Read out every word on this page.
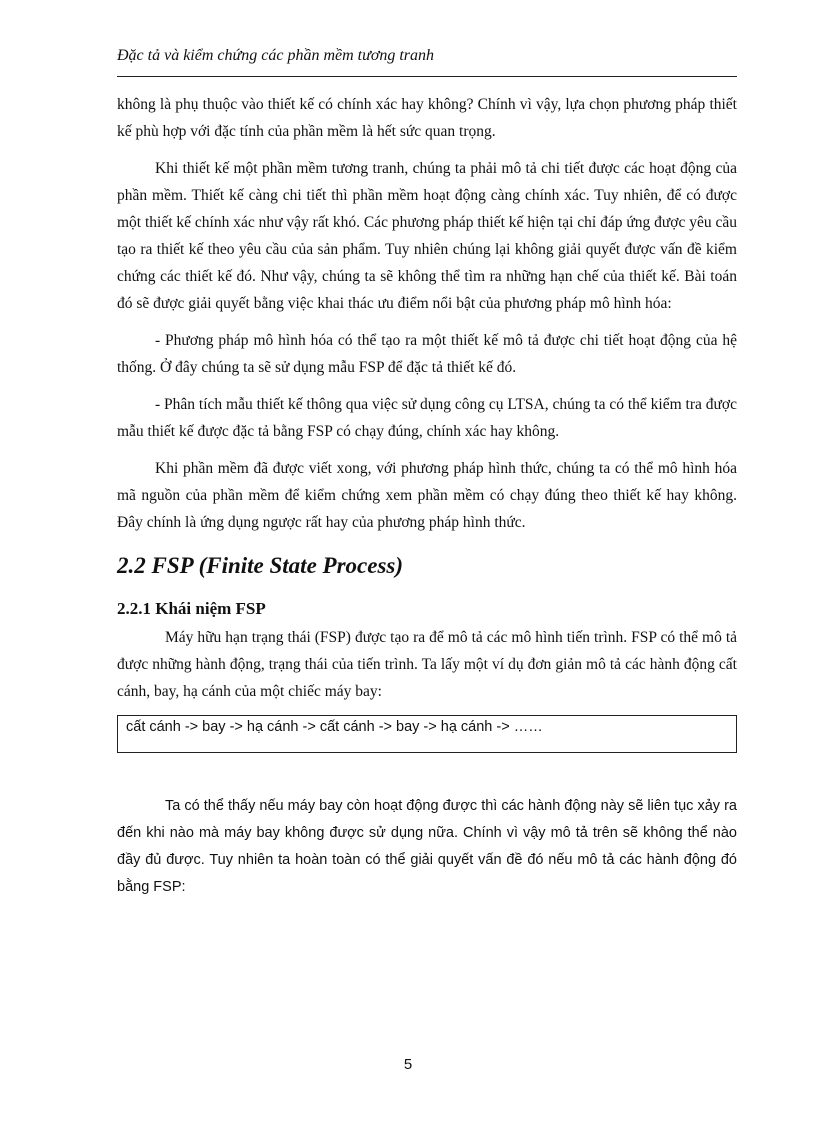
Đặc tả và kiểm chứng các phần mềm tương tranh

không là phụ thuộc vào thiết kế có chính xác hay không? Chính vì vậy, lựa chọn phương pháp thiết kế phù hợp với đặc tính của phần mềm là hết sức quan trọng.

Khi thiết kế một phần mềm tương tranh, chúng ta phải mô tả chi tiết được các hoạt động của phần mềm. Thiết kế càng chi tiết thì phần mềm hoạt động càng chính xác. Tuy nhiên, để có được một thiết kế chính xác như vậy rất khó. Các phương pháp thiết kế hiện tại chỉ đáp ứng được yêu cầu tạo ra thiết kế theo yêu cầu của sản phẩm. Tuy nhiên chúng lại không giải quyết được vấn đề kiểm chứng các thiết kế đó. Như vậy, chúng ta sẽ không thể tìm ra những hạn chế của thiết kế. Bài toán đó sẽ được giải quyết bằng việc khai thác ưu điểm nổi bật của phương pháp mô hình hóa:

- Phương pháp mô hình hóa có thể tạo ra một thiết kế mô tả được chi tiết hoạt động của hệ thống. Ở đây chúng ta sẽ sử dụng mẫu FSP để đặc tả thiết kế đó.

- Phân tích mẫu thiết kế thông qua việc sử dụng công cụ LTSA, chúng ta có thể kiểm tra được mẫu thiết kế được đặc tả bằng FSP có chạy đúng, chính xác hay không.

Khi phần mềm đã được viết xong, với phương pháp hình thức, chúng ta có thể mô hình hóa mã nguồn của phần mềm để kiểm chứng xem phần mềm có chạy đúng theo thiết kế hay không. Đây chính là ứng dụng ngược rất hay của phương pháp hình thức.

2.2 FSP (Finite State Process)
2.2.1 Khái niệm FSP

Máy hữu hạn trạng thái (FSP) được tạo ra để mô tả các mô hình tiến trình. FSP có thể mô tả được những hành động, trạng thái của tiến trình. Ta lấy một ví dụ đơn giản mô tả các hành động cất cánh, bay, hạ cánh của một chiếc máy bay:

cất cánh -> bay -> hạ cánh -> cất cánh -> bay -> hạ cánh -> ……

Ta có thể thấy nếu máy bay còn hoạt động được thì các hành động này sẽ liên tục xảy ra đến khi nào mà máy bay không được sử dụng nữa. Chính vì vậy mô tả trên sẽ không thể nào đầy đủ được. Tuy nhiên ta hoàn toàn có thể giải quyết vấn đề đó nếu mô tả các hành động đó bằng FSP:

5
